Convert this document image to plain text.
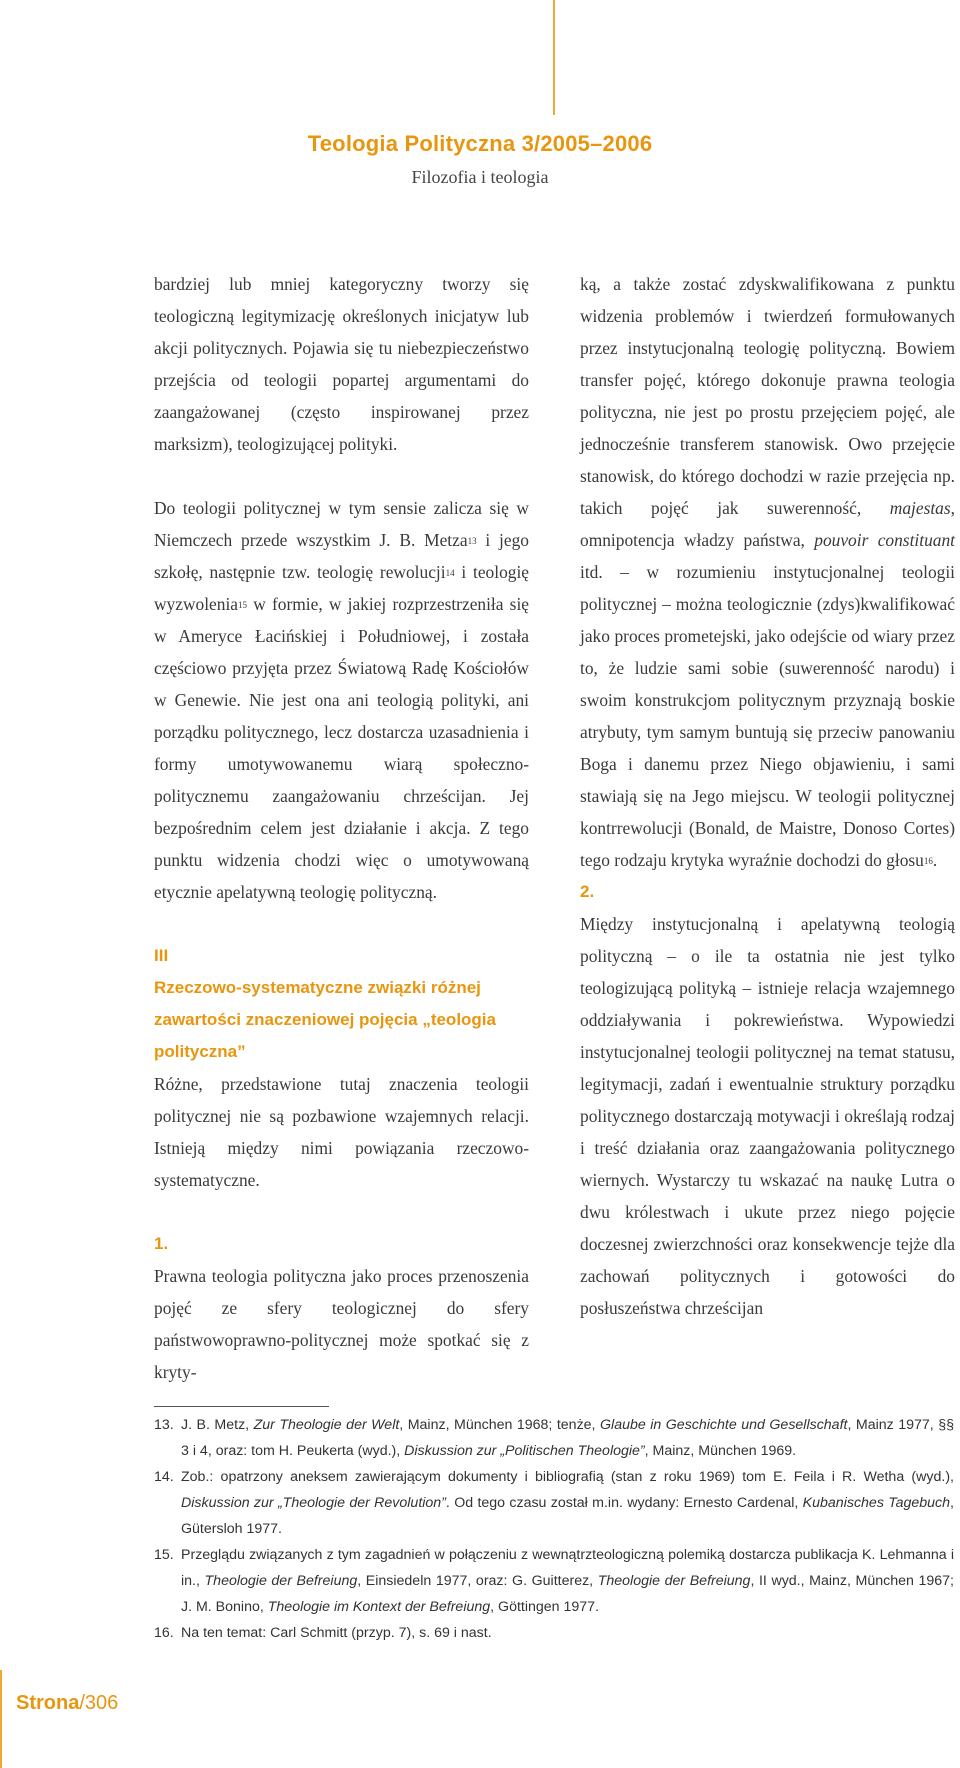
Teologia Polityczna 3/2005–2006
Filozofia i teologia

bardziej lub mniej kategoryczny tworzy się teologiczną legitymizację określonych inicjatyw lub akcji politycznych. Pojawia się tu niebezpieczeństwo przejścia od teologii popartej argumentami do zaangażowanej (często inspirowanej przez marksizm), teologizującej polityki.

Do teologii politycznej w tym sensie zalicza się w Niemczech przede wszystkim J. B. Metza$^{13}$ i jego szkołę, następnie tzw. teologię rewolucji$^{14}$ i teologię wyzwolenia$^{15}$ w formie, w jakiej rozprzestrzeniła się w Ameryce Łacińskiej i Południowej, i została częściowo przyjęta przez Światową Radę Kościołów w Genewie. Nie jest ona ani teologią polityki, ani porządku politycznego, lecz dostarcza uzasadnienia i formy umotywowanemu wiarą społeczno-politycznemu zaangażowaniu chrześcijan. Jej bezpośrednim celem jest działanie i akcja. Z tego punktu widzenia chodzi więc o umotywowaną etycznie apelatywną teologię polityczną.

III
Rzeczowo-systematyczne związki różnej zawartości znaczeniowej pojęcia „teologia polityczna”

Różne, przedstawione tutaj znaczenia teologii politycznej nie są pozbawione wzajemnych relacji. Istnieją między nimi powiązania rzeczowo-systematyczne.

1.

Prawna teologia polityczna jako proces przenoszenia pojęć ze sfery teologicznej do sfery państwowoprawno-politycznej może spotkać się z kryty-

ką, a także zostać zdyskwalifikowana z punktu widzenia problemów i twierdzeń formułowanych przez instytucjonalną teologię polityczną. Bowiem transfer pojęć, którego dokonuje prawna teologia polityczna, nie jest po prostu przejęciem pojęć, ale jednocześnie transferem stanowisk. Owo przejęcie stanowisk, do którego dochodzi w razie przejęcia np. takich pojęć jak suwerenność, majestas, omnipotencja władzy państwa, pouvoir constituant itd. – w rozumieniu instytucjonalnej teologii politycznej – można teologicznie (zdys)kwalifikować jako proces prometejski, jako odejście od wiary przez to, że ludzie sami sobie (suwerenność narodu) i swoim konstrukcjom politycznym przyznają boskie atrybuty, tym samym buntują się przeciw panowaniu Boga i danemu przez Niego objawieniu, i sami stawiają się na Jego miejscu. W teologii politycznej kontrrewolucji (Bonald, de Maistre, Donoso Cortes) tego rodzaju krytyka wyraźnie dochodzi do głosu$^{16}$.

2.

Między instytucjonalną i apelatywną teologią polityczną – o ile ta ostatnia nie jest tylko teologizującą polityką – istnieje relacja wzajemnego oddziaływania i pokrewieństwa. Wypowiedzi instytucjonalnej teologii politycznej na temat statusu, legitymacji, zadań i ewentualnie struktury porządku politycznego dostarczają motywacji i określają rodzaj i treść działania oraz zaangażowania politycznego wiernych. Wystarczy tu wskazać na naukę Lutra o dwu królestwach i ukute przez niego pojęcie doczesnej zwierzchności oraz konsekwencje tejże dla zachowań politycznych i gotowości do posłuszeństwa chrześcijan

13. J. B. Metz, Zur Theologie der Welt, Mainz, München 1968; tenże, Glaube in Geschichte und Gesellschaft, Mainz 1977, §§ 3 i 4, oraz: tom H. Peukerta (wyd.), Diskussion zur „Politischen Theologie”, Mainz, München 1969.
14. Zob.: opatrzony aneksem zawierającym dokumenty i bibliografią (stan z roku 1969) tom E. Feila i R. Wetha (wyd.), Diskussion zur „Theologie der Revolution”. Od tego czasu został m.in. wydany: Ernesto Cardenal, Kubanisches Tagebuch, Gütersloh 1977.
15. Przeglądu związanych z tym zagadnień w połączeniu z wewnątrzteologiczną polemiką dostarcza publikacja K. Lehmanna i in., Theologie der Befreiung, Einsiedeln 1977, oraz: G. Guitterez, Theologie der Befreiung, II wyd., Mainz, München 1967; J. M. Bonino, Theologie im Kontext der Befreiung, Göttingen 1977.
16. Na ten temat: Carl Schmitt (przyp. 7), s. 69 i nast.
Strona/306
